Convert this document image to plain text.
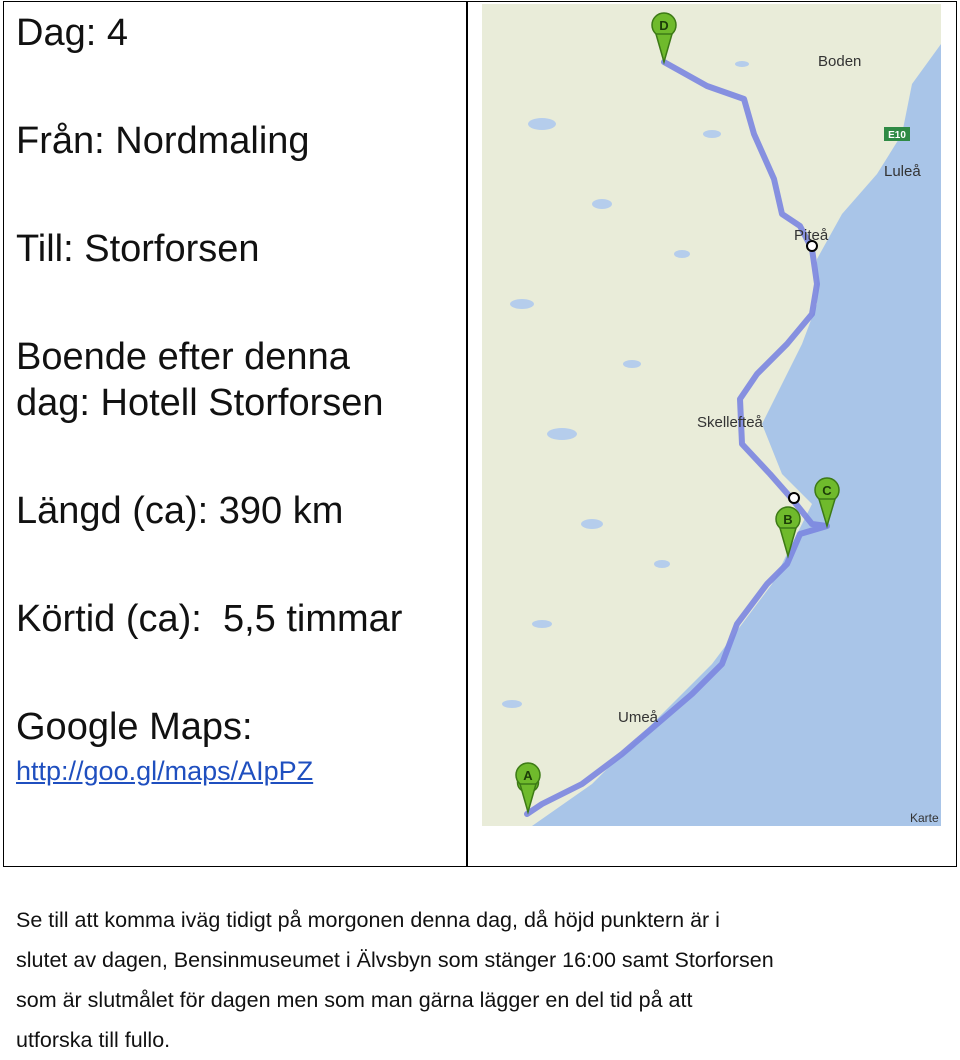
Dag: 4

Från: Nordmaling

Till: Storforsen

Boende efter denna

dag: Hotell Storforsen

Längd (ca): 390 km

Körtid (ca):  5,5 timmar

Google Maps:

http://goo.gl/maps/AIpPZ
E10
Boden
Luleå
Piteå
Skellefteå
Umeå
A
B
C
D
Karte

Se till att komma iväg tidigt på morgonen denna dag, då höjd punktern är i

slutet av dagen, Bensinmuseumet i Älvsbyn som stänger 16:00 samt Storforsen

som är slutmålet för dagen men som man gärna lägger en del tid på att

utforska till fullo.
